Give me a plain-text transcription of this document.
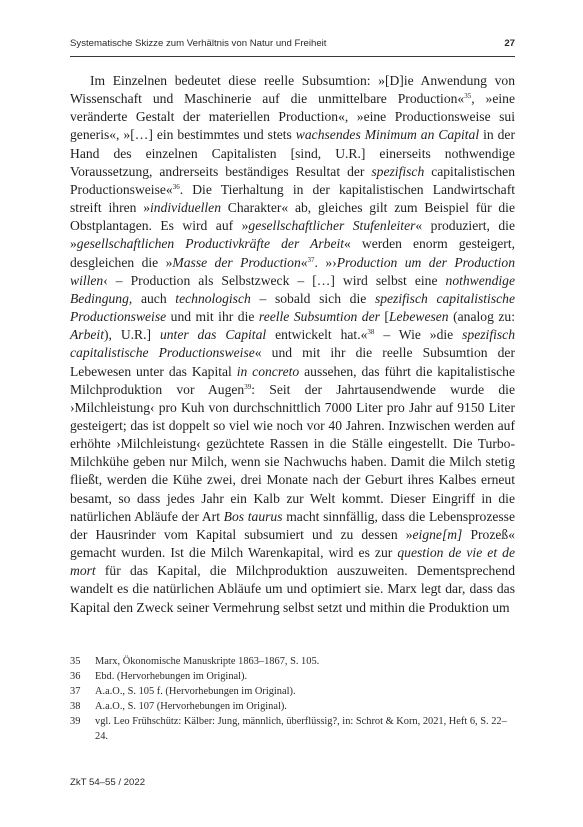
Systematische Skizze zum Verhältnis von Natur und Freiheit	27

Im Einzelnen bedeutet diese reelle Subsumtion: »[D]ie Anwendung von Wissenschaft und Maschinerie auf die unmittelbare Production«$^{35}$, »eine veränderte Gestalt der materiellen Production«, »eine Productionsweise sui generis«, »[…] ein bestimmtes und stets wachsendes Minimum an Capital in der Hand des einzelnen Capitalisten [sind, U.R.] einerseits nothwendige Voraussetzung, andrerseits beständiges Resultat der spezifisch capitalistischen Productionsweise«$^{36}$. Die Tierhaltung in der kapitalistischen Landwirtschaft streift ihren »individuellen Charakter« ab, gleiches gilt zum Beispiel für die Obstplantagen. Es wird auf »gesellschaftlicher Stufenleiter« produziert, die »gesellschaftlichen Productivkräfte der Arbeit« werden enorm gesteigert, desgleichen die »Masse der Production«$^{37}$. »›Production um der Production willen‹ – Production als Selbstzweck – […] wird selbst eine nothwendige Bedingung, auch technologisch – sobald sich die spezifisch capitalistische Productionsweise und mit ihr die reelle Subsumtion der [Lebewesen (analog zu: Arbeit), U.R.] unter das Capital entwickelt hat.«$^{38}$ – Wie »die spezifisch capitalistische Productionsweise« und mit ihr die reelle Subsumtion der Lebewesen unter das Kapital in concreto aussehen, das führt die kapitalistische Milchproduktion vor Augen$^{39}$: Seit der Jahrtausendwende wurde die ›Milchleistung‹ pro Kuh von durchschnittlich 7000 Liter pro Jahr auf 9150 Liter gesteigert; das ist doppelt so viel wie noch vor 40 Jahren. Inzwischen werden auf erhöhte ›Milchleistung‹ gezüchtete Rassen in die Ställe eingestellt. Die Turbo-Milchkühe geben nur Milch, wenn sie Nachwuchs haben. Damit die Milch stetig fließt, werden die Kühe zwei, drei Monate nach der Geburt ihres Kalbes erneut besamt, so dass jedes Jahr ein Kalb zur Welt kommt. Dieser Eingriff in die natürlichen Abläufe der Art Bos taurus macht sinnfällig, dass die Lebensprozesse der Hausrinder vom Kapital subsumiert und zu dessen »eigne[m] Prozeß« gemacht wurden. Ist die Milch Warenkapital, wird es zur question de vie et de mort für das Kapital, die Milchproduktion auszuweiten. Dementsprechend wandelt es die natürlichen Abläufe um und optimiert sie. Marx legt dar, dass das Kapital den Zweck seiner Vermehrung selbst setzt und mithin die Produktion um

35 Marx, Ökonomische Manuskripte 1863–1867, S. 105.
36 Ebd. (Hervorhebungen im Original).
37 A.a.O., S. 105 f. (Hervorhebungen im Original).
38 A.a.O., S. 107 (Hervorhebungen im Original).
39 vgl. Leo Frühschütz: Kälber: Jung, männlich, überflüssig?, in: Schrot & Korn, 2021, Heft 6, S. 22–24.
ZkT 54–55 / 2022
